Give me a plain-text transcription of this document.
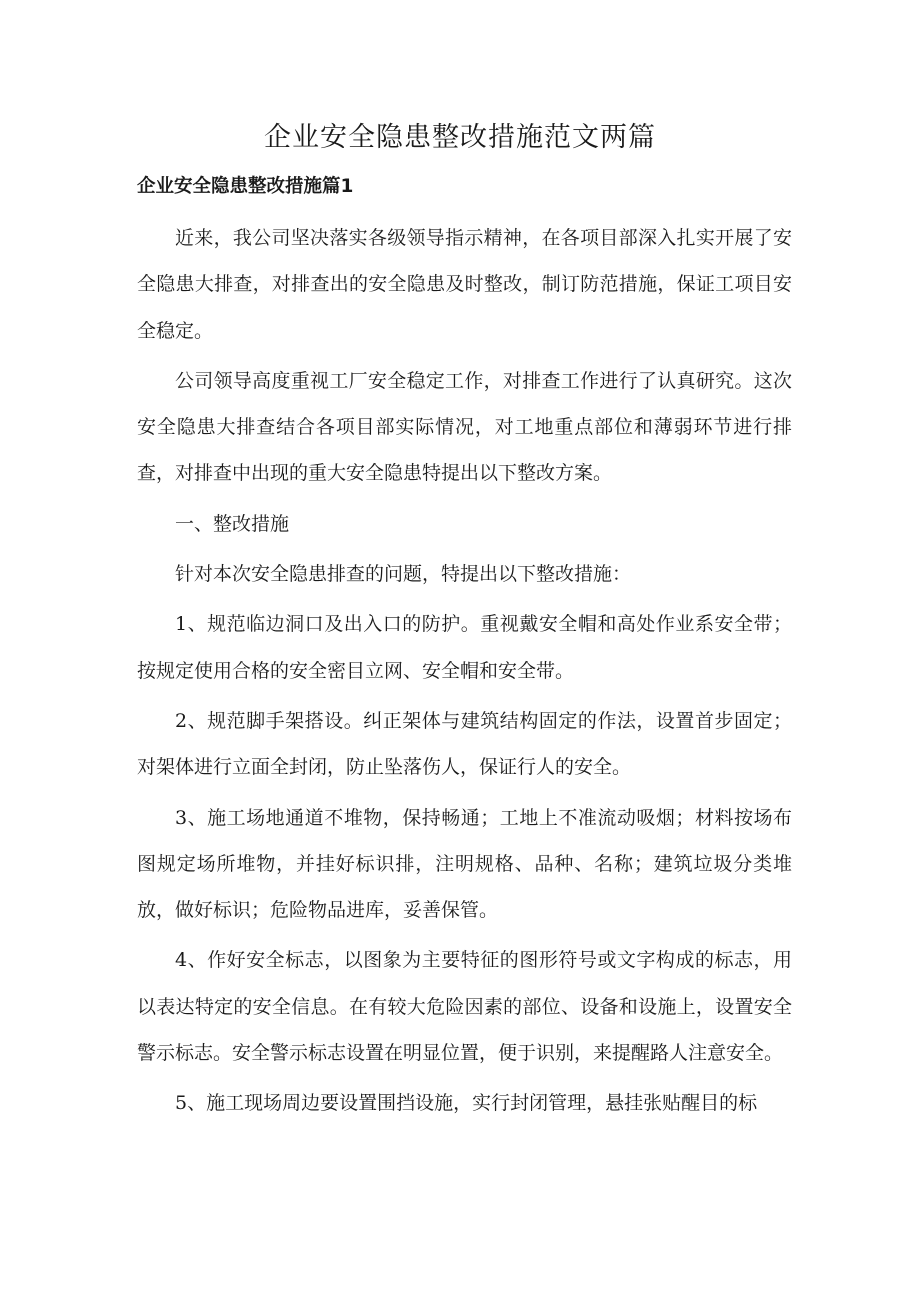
企业安全隐患整改措施范文两篇
企业安全隐患整改措施篇1

近来，我公司坚决落实各级领导指示精神，在各项目部深入扎实开展了安全隐患大排查，对排查出的安全隐患及时整改，制订防范措施，保证工项目安全稳定。

公司领导高度重视工厂安全稳定工作，对排查工作进行了认真研究。这次安全隐患大排查结合各项目部实际情况，对工地重点部位和薄弱环节进行排查，对排查中出现的重大安全隐患特提出以下整改方案。

一、整改措施

针对本次安全隐患排查的问题，特提出以下整改措施：

1、规范临边洞口及出入口的防护。重视戴安全帽和高处作业系安全带；按规定使用合格的安全密目立网、安全帽和安全带。

2、规范脚手架搭设。纠正架体与建筑结构固定的作法，设置首步固定；对架体进行立面全封闭，防止坠落伤人，保证行人的安全。

3、施工场地通道不堆物，保持畅通；工地上不准流动吸烟；材料按场布图规定场所堆物，并挂好标识排，注明规格、品种、名称；建筑垃圾分类堆放，做好标识；危险物品进库，妥善保管。

4、作好安全标志，以图象为主要特征的图形符号或文字构成的标志，用以表达特定的安全信息。在有较大危险因素的部位、设备和设施上，设置安全警示标志。安全警示标志设置在明显位置，便于识别，来提醒路人注意安全。

5、施工现场周边要设置围挡设施，实行封闭管理，悬挂张贴醒目的标
